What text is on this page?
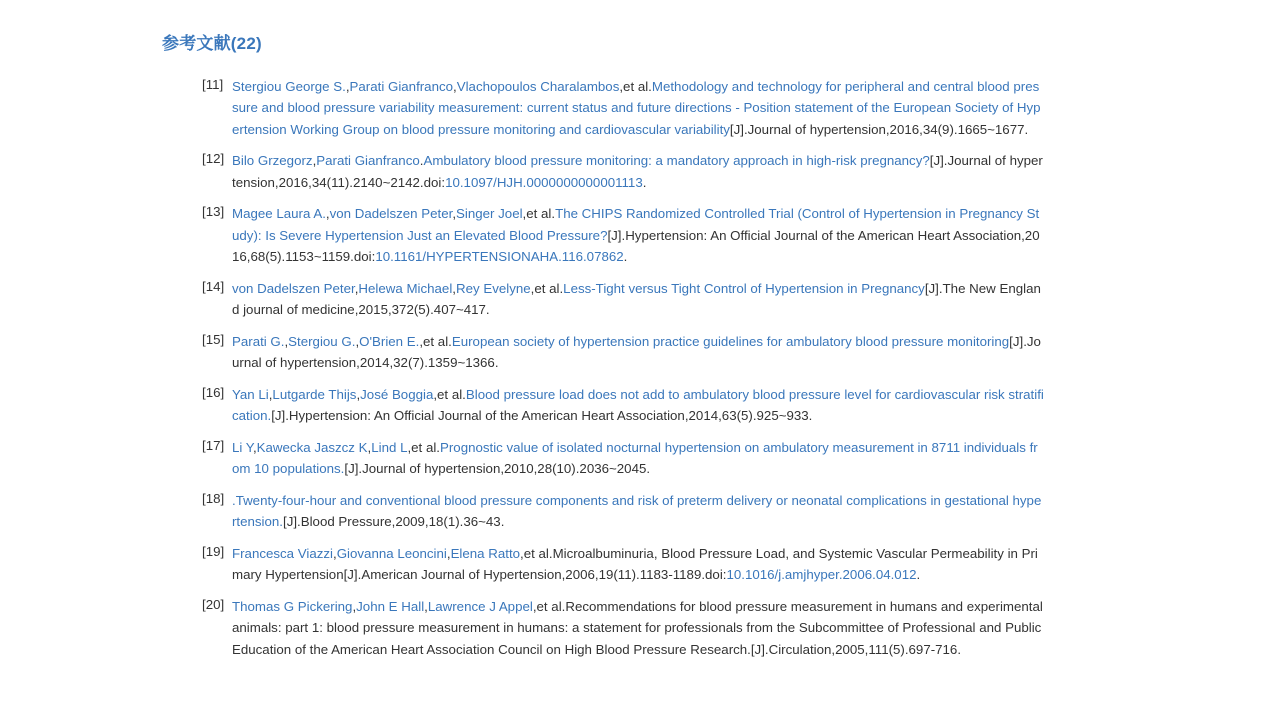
参考文献(22)
[11] Stergiou George S.,Parati Gianfranco,Vlachopoulos Charalambos,et al.Methodology and technology for peripheral and central blood pressure and blood pressure variability measurement: current status and future directions - Position statement of the European Society of Hypertension Working Group on blood pressure monitoring and cardiovascular variability[J].Journal of hypertension,2016,34(9).1665~1677.
[12] Bilo Grzegorz,Parati Gianfranco.Ambulatory blood pressure monitoring: a mandatory approach in high-risk pregnancy?[J].Journal of hypertension,2016,34(11).2140~2142.doi:10.1097/HJH.0000000000001113.
[13] Magee Laura A.,von Dadelszen Peter,Singer Joel,et al.The CHIPS Randomized Controlled Trial (Control of Hypertension in Pregnancy Study): Is Severe Hypertension Just an Elevated Blood Pressure?[J].Hypertension: An Official Journal of the American Heart Association,2016,68(5).1153~1159.doi:10.1161/HYPERTENSIONAHA.116.07862.
[14] von Dadelszen Peter,Helewa Michael,Rey Evelyne,et al.Less-Tight versus Tight Control of Hypertension in Pregnancy[J].The New England journal of medicine,2015,372(5).407~417.
[15] Parati G.,Stergiou G.,O'Brien E.,et al.European society of hypertension practice guidelines for ambulatory blood pressure monitoring[J].Journal of hypertension,2014,32(7).1359~1366.
[16] Yan Li,Lutgarde Thijs,José Boggia,et al.Blood pressure load does not add to ambulatory blood pressure level for cardiovascular risk stratification.[J].Hypertension: An Official Journal of the American Heart Association,2014,63(5).925~933.
[17] Li Y,Kawecka Jaszcz K,Lind L,et al.Prognostic value of isolated nocturnal hypertension on ambulatory measurement in 8711 individuals from 10 populations.[J].Journal of hypertension,2010,28(10).2036~2045.
[18] .Twenty-four-hour and conventional blood pressure components and risk of preterm delivery or neonatal complications in gestational hypertension.[J].Blood Pressure,2009,18(1).36~43.
[19] Francesca Viazzi,Giovanna Leoncini,Elena Ratto,et al.Microalbuminuria, Blood Pressure Load, and Systemic Vascular Permeability in Primary Hypertension[J].American Journal of Hypertension,2006,19(11).1183-1189.doi:10.1016/j.amjhyper.2006.04.012.
[20] Thomas G Pickering,John E Hall,Lawrence J Appel,et al.Recommendations for blood pressure measurement in humans and experimental animals: part 1: blood pressure measurement in humans: a statement for professionals from the Subcommittee of Professional and Public Education of the American Heart Association Council on High Blood Pressure Research.[J].Circulation,2005,111(5).697-716.
